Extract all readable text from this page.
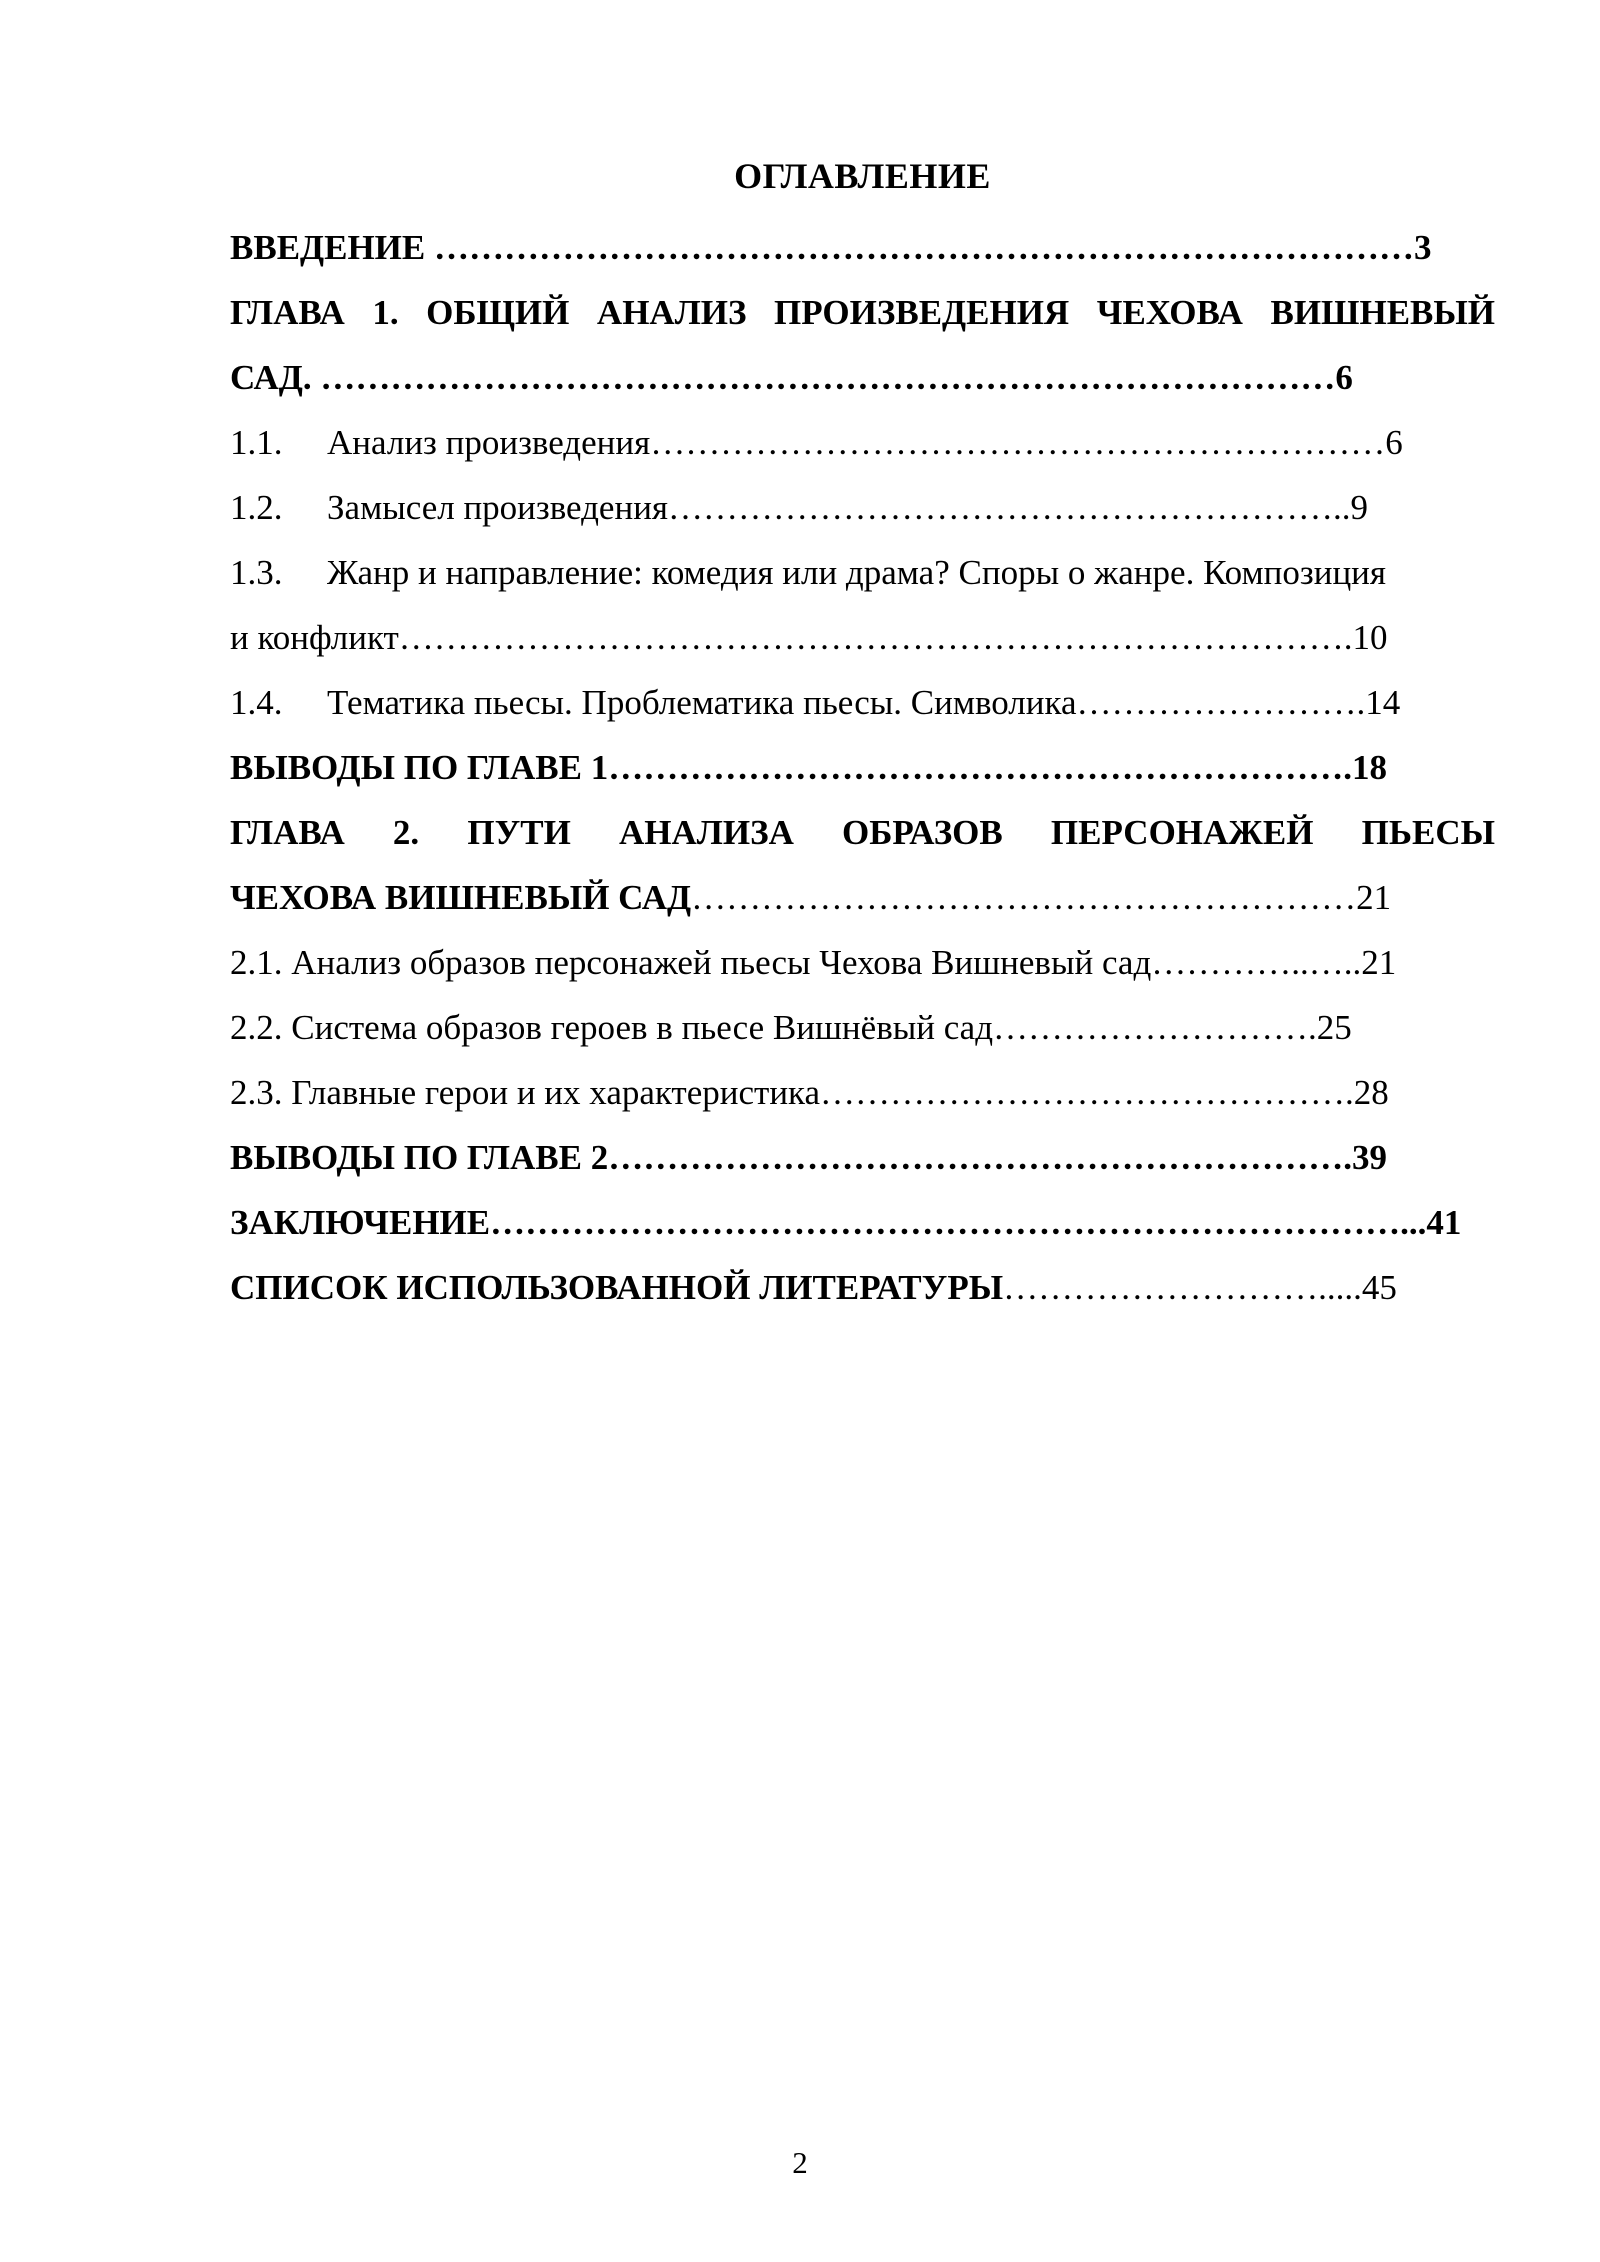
ОГЛАВЛЕНИЕ
ВВЕДЕНИЕ …………………………………………………………………………3
ГЛАВА 1. ОБЩИЙ АНАЛИЗ ПРОИЗВЕДЕНИЯ ЧЕХОВА ВИШНЕВЫЙ
САД. ……………………………………………………………………………6
1.1. Анализ произведения………………………………………………………6
1.2. Замысел произведения…………………………………………………..9
1.3. Жанр и направление: комедия или драма? Споры о жанре. Композиция
и конфликт……………………………………………………………………….10
1.4. Тематика пьесы. Проблематика пьесы. Символика…………………….14
ВЫВОДЫ ПО ГЛАВЕ 1……………………………………………………….18
ГЛАВА 2. ПУТИ АНАЛИЗА ОБРАЗОВ ПЕРСОНАЖЕЙ ПЬЕСЫ
ЧЕХОВА ВИШНЕВЫЙ САД…………………………………………………21
2.1. Анализ образов персонажей пьесы Чехова Вишневый сад…………..…..21
2.2. Система образов героев в пьесе Вишнёвый сад……………………….25
2.3. Главные герои и их характеристика……………………………………….28
ВЫВОДЫ ПО ГЛАВЕ 2……………………………………………………….39
ЗАКЛЮЧЕНИЕ……………………………………………………………………...41
СПИСОК ИСПОЛЬЗОВАННОЙ ЛИТЕРАТУРЫ……………………….....45
2
